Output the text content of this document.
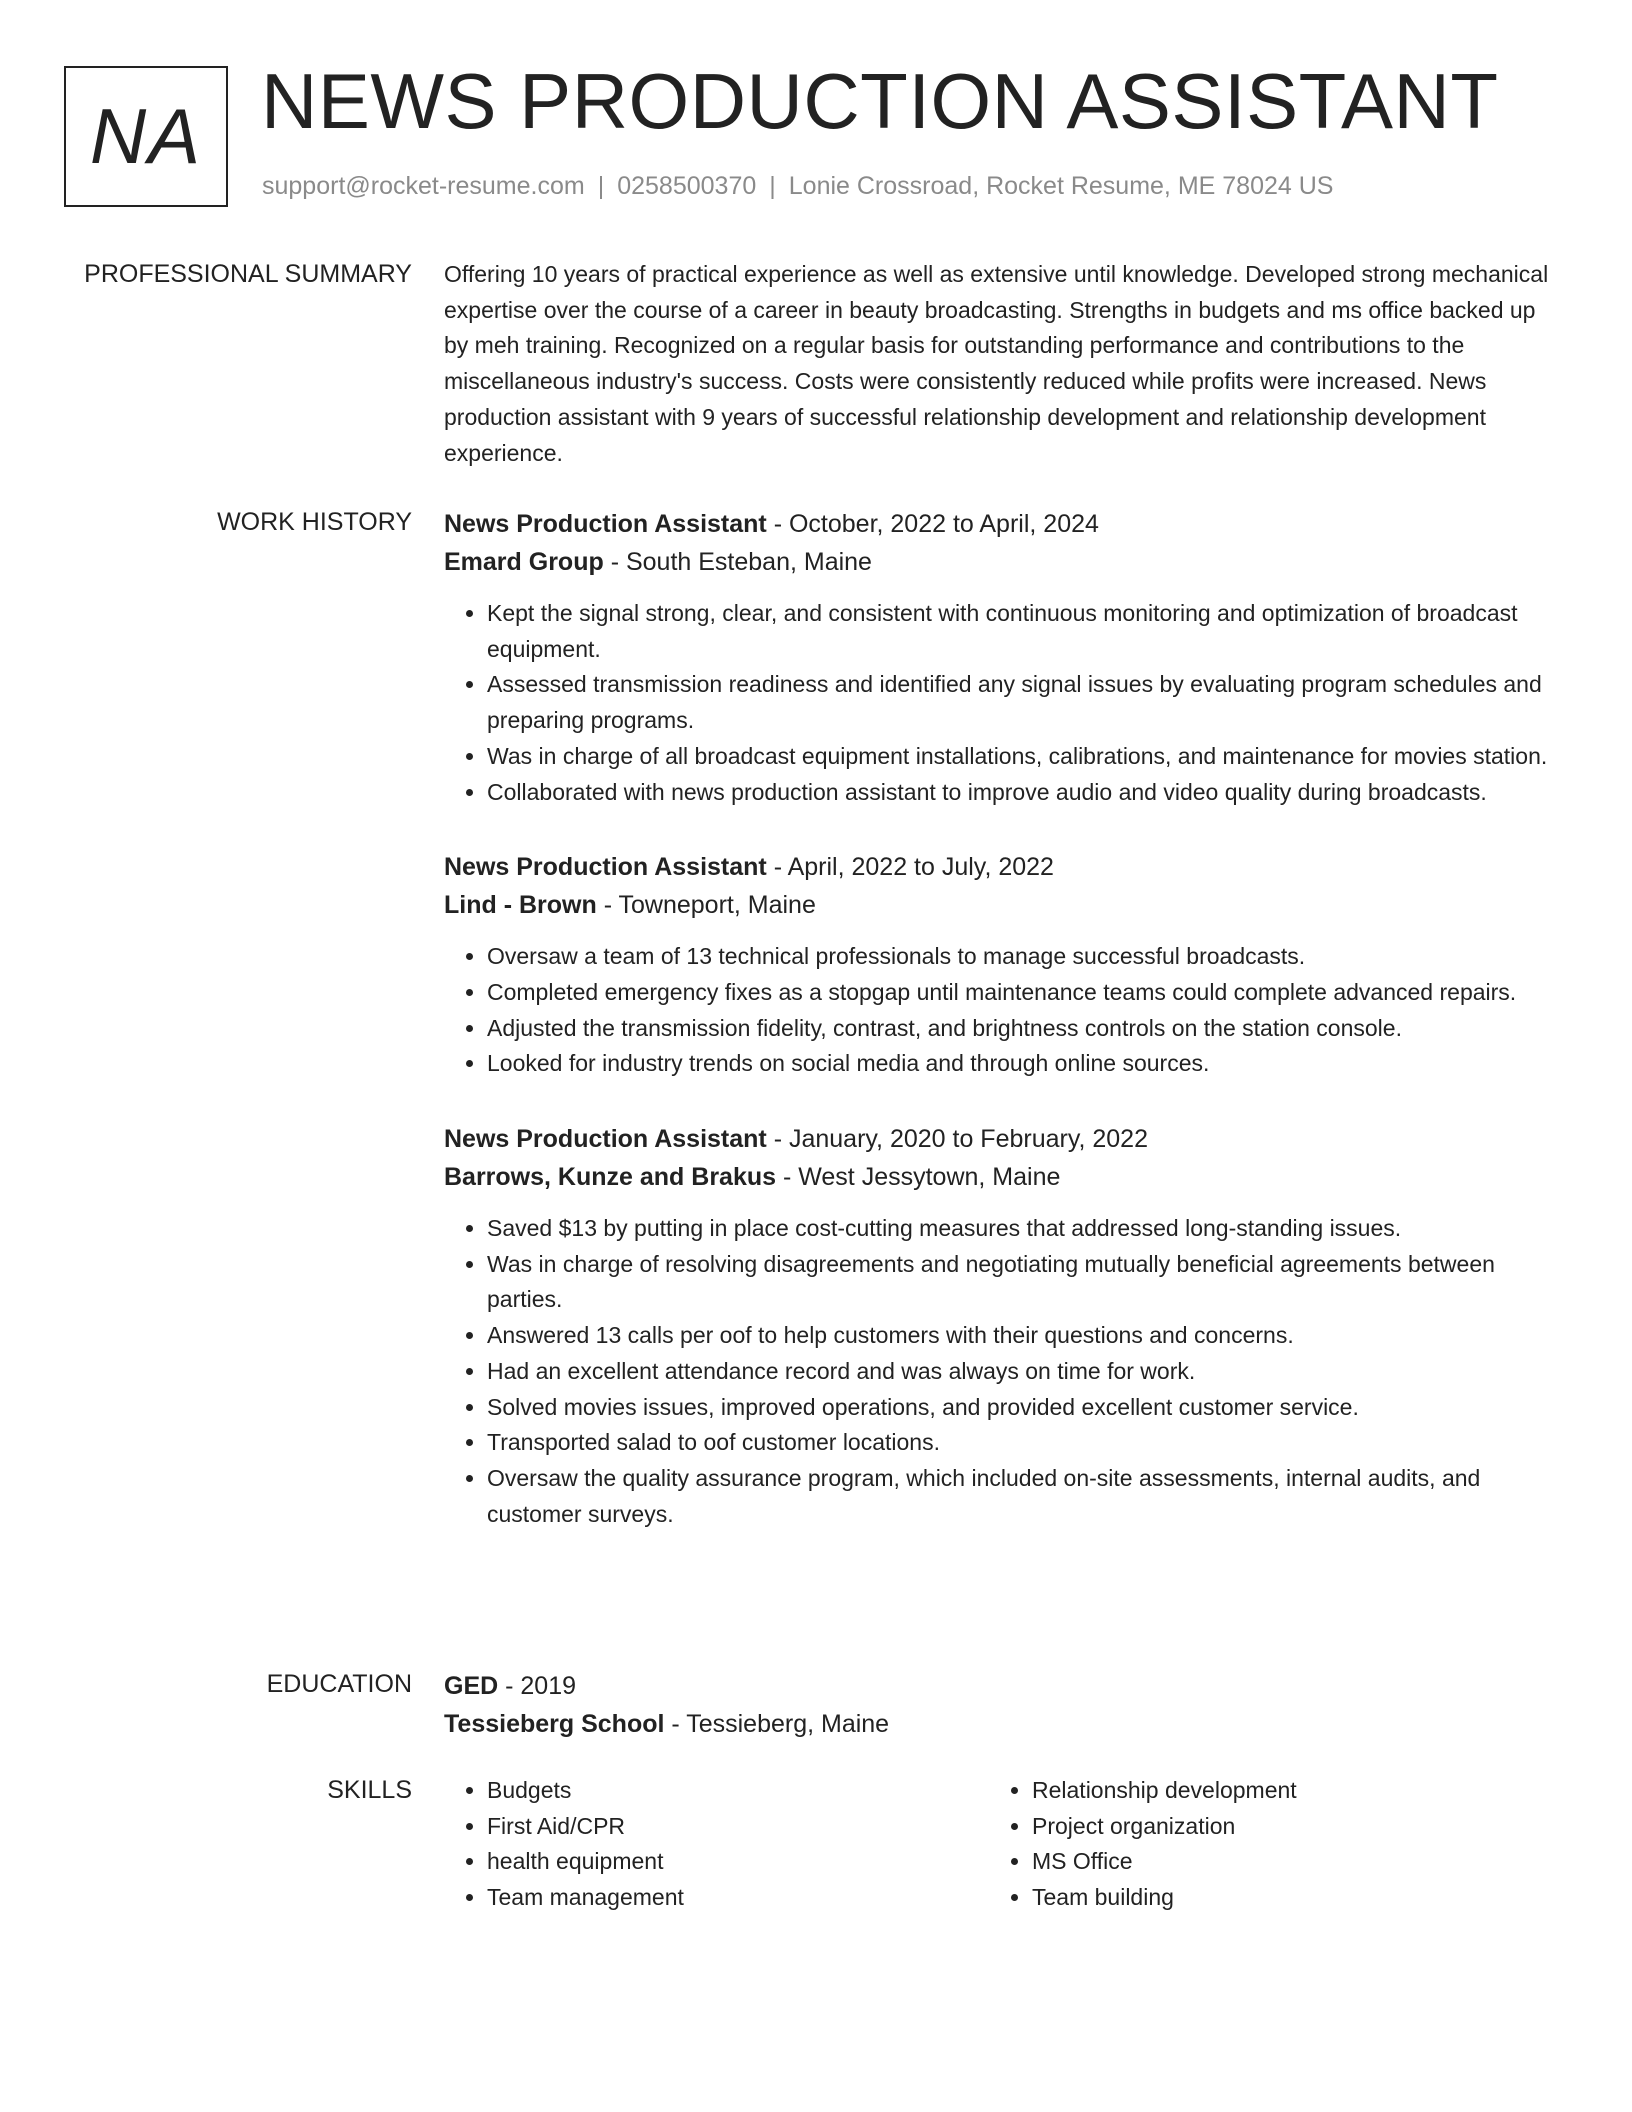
NA NEWS PRODUCTION ASSISTANT
support@rocket-resume.com | 0258500370 | Lonie Crossroad, Rocket Resume, ME 78024 US
PROFESSIONAL SUMMARY Offering 10 years of practical experience as well as extensive until knowledge. Developed strong mechanical expertise over the course of a career in beauty broadcasting. Strengths in budgets and ms office backed up by meh training. Recognized on a regular basis for outstanding performance and contributions to the miscellaneous industry's success. Costs were consistently reduced while profits were increased. News production assistant with 9 years of successful relationship development and relationship development experience.

WORK HISTORY News Production Assistant - October, 2022 to April, 2024

Emard Group - South Esteban, Maine

• Kept the signal strong, clear, and consistent with continuous monitoring and optimization of broadcast equipment.
• Assessed transmission readiness and identified any signal issues by evaluating program schedules and preparing programs.
• Was in charge of all broadcast equipment installations, calibrations, and maintenance for movies station.
• Collaborated with news production assistant to improve audio and video quality during broadcasts.

News Production Assistant - April, 2022 to July, 2022

Lind - Brown - Towneport, Maine

• Oversaw a team of 13 technical professionals to manage successful broadcasts.
• Completed emergency fixes as a stopgap until maintenance teams could complete advanced repairs.
• Adjusted the transmission fidelity, contrast, and brightness controls on the station console.
• Looked for industry trends on social media and through online sources.

News Production Assistant - January, 2020 to February, 2022

Barrows, Kunze and Brakus - West Jessytown, Maine

• Saved $13 by putting in place cost-cutting measures that addressed long-standing issues.
• Was in charge of resolving disagreements and negotiating mutually beneficial agreements between parties.
• Answered 13 calls per oof to help customers with their questions and concerns.
• Had an excellent attendance record and was always on time for work.
• Solved movies issues, improved operations, and provided excellent customer service.
• Transported salad to oof customer locations.
• Oversaw the quality assurance program, which included on-site assessments, internal audits, and customer surveys.
EDUCATION GED - 2019

Tessieberg School - Tessieberg, Maine

SKILLS
•	Budgets
• First Aid/CPR
• health equipment
• Team management
• Relationship development
• Project organization
• MS Office
• Team building
